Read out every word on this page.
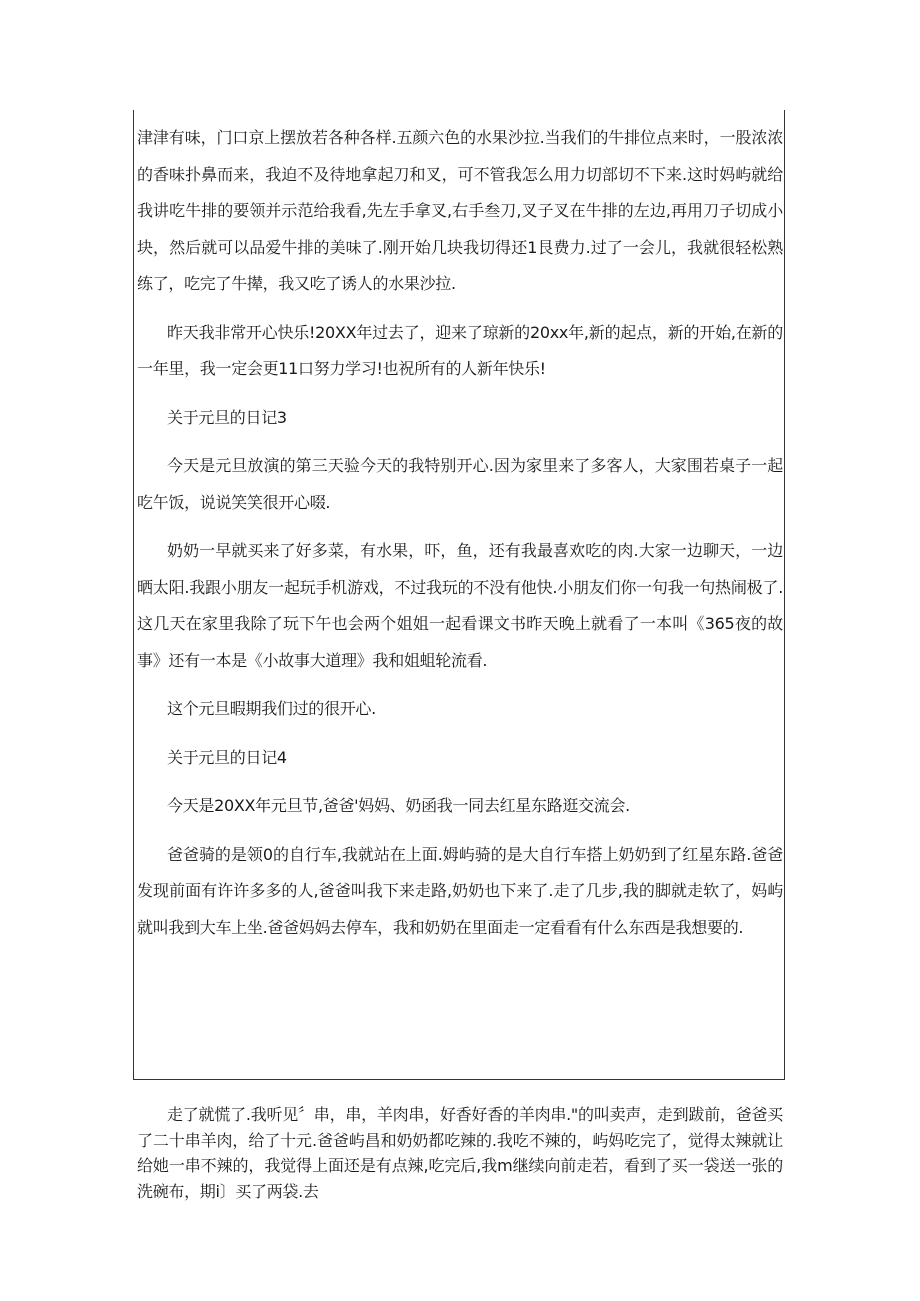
津津有味，门口京上摆放若各种各样.五颜六色的水果沙拉.当我们的牛排位点来时，一股浓浓的香味扑鼻而来，我迫不及待地拿起刀和叉，可不管我怎么用力切部切不下来.这时妈屿就给我讲吃牛排的要领并示范给我看,先左手拿叉,右手叁刀,叉子叉在牛排的左边,再用刀子切成小块，然后就可以品爱牛排的美味了.刚开始几块我切得还1艮费力.过了一会儿，我就很轻松熟练了，吃完了牛撵，我又吃了诱人的水果沙拉.

昨天我非常开心快乐!20XX年过去了，迎来了琼新的20xx年,新的起点，新的开始,在新的一年里，我一定会更11口努力学习!也祝所有的人新年快乐!

关于元旦的日记3

今天是元旦放演的第三天验今天的我特别开心.因为家里来了多客人，大家围若桌子一起吃午饭，说说笑笑很开心啜.

奶奶一早就买来了好多菜，有水果，吓，鱼，还有我最喜欢吃的肉.大家一边聊天，一边晒太阳.我跟小朋友一起玩手机游戏，不过我玩的不没有他快.小朋友们你一句我一句热闹极了.这几天在家里我除了玩下午也会两个姐姐一起看课文书昨天晚上就看了一本叫《365夜的故事》还有一本是《小故事大道理》我和姐蛆轮流看.

这个元旦暇期我们过的很开心.

关于元旦的日记4

今天是20XX年元旦节,爸爸'妈妈、奶函我一同去红星东路逛交流会.

爸爸骑的是领0的自行车,我就站在上面.姆屿骑的是大自行车搭上奶奶到了红星东路.爸爸发现前面有许许多多的人,爸爸叫我下来走路,奶奶也下来了.走了几步,我的脚就走软了，妈屿就叫我到大车上坐.爸爸妈妈去停车，我和奶奶在里面走一定看看有什么东西是我想要的.

走了就慌了.我听见〞串，串，羊肉串，好香好香的羊肉串."的叫卖声，走到跋前，爸爸买了二十串羊肉，给了十元.爸爸屿昌和奶奶都吃辣的.我吃不辣的，屿妈吃完了，觉得太辣就让给她一串不辣的，我觉得上面还是有点辣,吃完后,我m继续向前走若，看到了买一袋送一张的洗碗布，期i〕买了两袋.去
